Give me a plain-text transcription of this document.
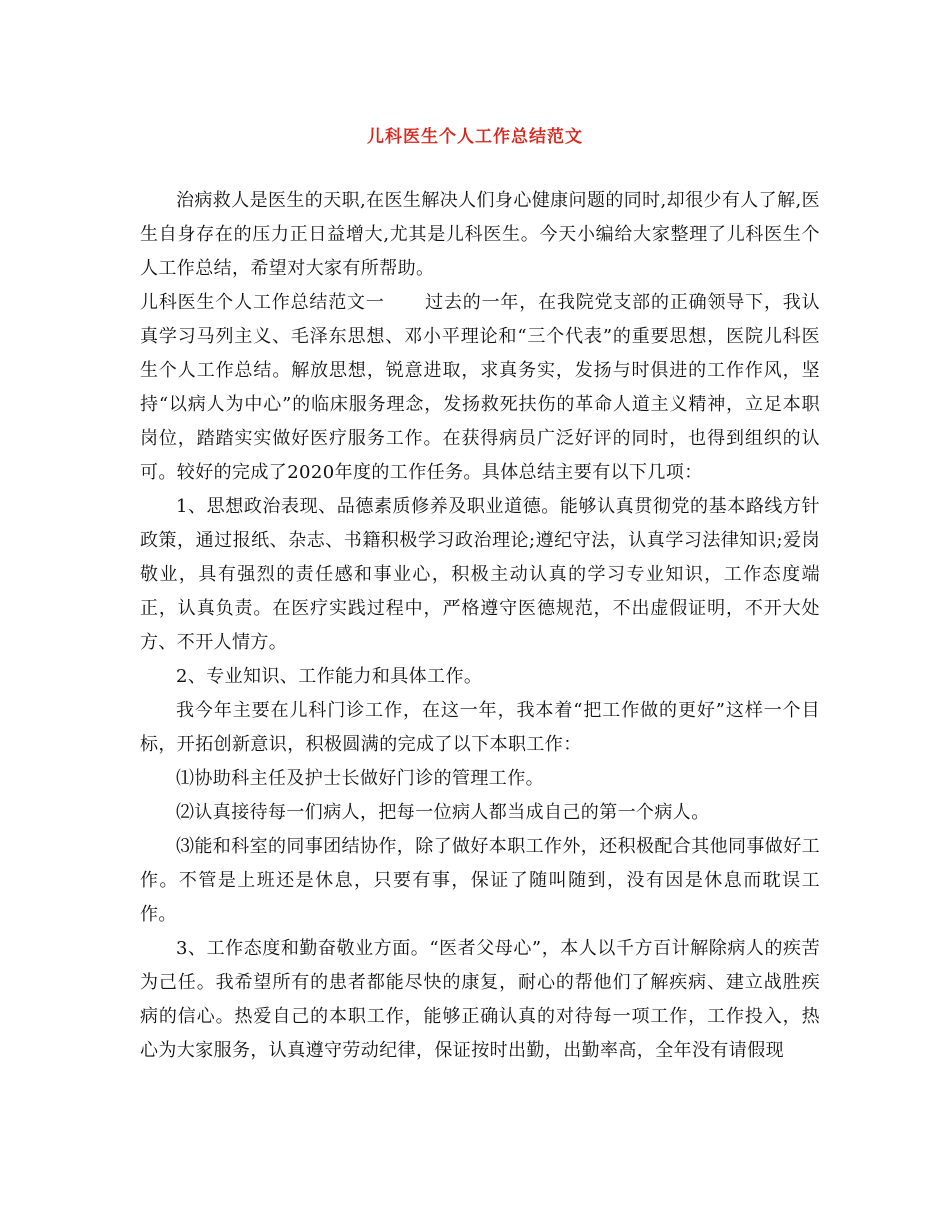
儿科医生个人工作总结范文

治病救人是医生的天职,在医生解决人们身心健康问题的同时,却很少有人了解,医生自身存在的压力正日益增大,尤其是儿科医生。今天小编给大家整理了儿科医生个人工作总结，希望对大家有所帮助。

儿科医生个人工作总结范文一 过去的一年，在我院党支部的正确领导下，我认真学习马列主义、毛泽东思想、邓小平理论和“三个代表”的重要思想，医院儿科医生个人工作总结。解放思想，锐意进取，求真务实，发扬与时俱进的工作作风，坚持“以病人为中心”的临床服务理念，发扬救死扶伤的革命人道主义精神，立足本职岗位，踏踏实实做好医疗服务工作。在获得病员广泛好评的同时，也得到组织的认可。较好的完成了2020年度的工作任务。具体总结主要有以下几项：

1、思想政治表现、品德素质修养及职业道德。能够认真贯彻党的基本路线方针政策，通过报纸、杂志、书籍积极学习政治理论;遵纪守法，认真学习法律知识;爱岗敬业，具有强烈的责任感和事业心，积极主动认真的学习专业知识，工作态度端正，认真负责。在医疗实践过程中，严格遵守医德规范，不出虚假证明，不开大处方、不开人情方。

2、专业知识、工作能力和具体工作。

我今年主要在儿科门诊工作，在这一年，我本着“把工作做的更好”这样一个目标，开拓创新意识，积极圆满的完成了以下本职工作：

⑴协助科主任及护士长做好门诊的管理工作。

⑵认真接待每一们病人，把每一位病人都当成自己的第一个病人。

⑶能和科室的同事团结协作，除了做好本职工作外，还积极配合其他同事做好工作。不管是上班还是休息，只要有事，保证了随叫随到，没有因是休息而耽误工作。

3、工作态度和勤奋敬业方面。“医者父母心”，本人以千方百计解除病人的疾苦为己任。我希望所有的患者都能尽快的康复，耐心的帮他们了解疾病、建立战胜疾病的信心。热爱自己的本职工作，能够正确认真的对待每一项工作，工作投入，热心为大家服务，认真遵守劳动纪律，保证按时出勤，出勤率高，全年没有请假现
